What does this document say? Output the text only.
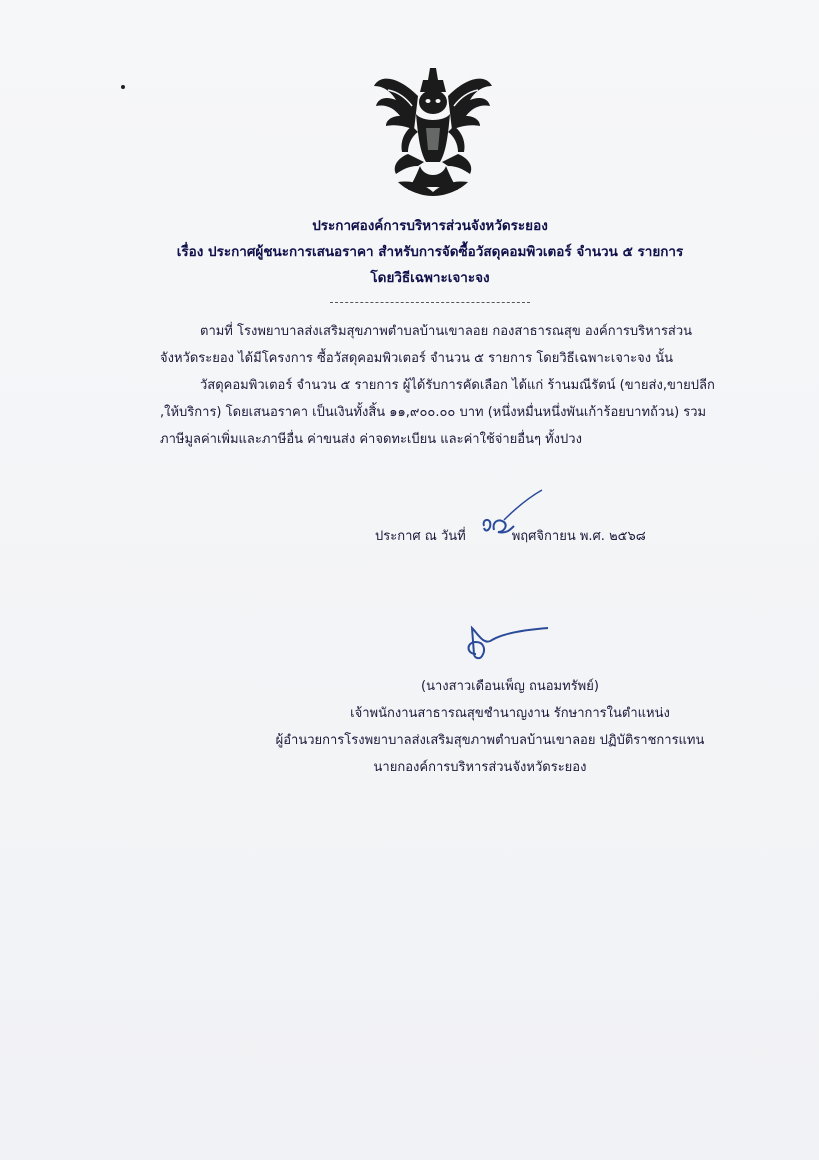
ประกาศองค์การบริหารส่วนจังหวัดระยอง
เรื่อง ประกาศผู้ชนะการเสนอราคา สำหรับการจัดซื้อวัสดุคอมพิวเตอร์ จำนวน ๕ รายการ
โดยวิธีเฉพาะเจาะจง
ตามที่ โรงพยาบาลส่งเสริมสุขภาพตำบลบ้านเขาลอย กองสาธารณสุข องค์การบริหารส่วน
จังหวัดระยอง ได้มีโครงการ ซื้อวัสดุคอมพิวเตอร์ จำนวน ๕ รายการ โดยวิธีเฉพาะเจาะจง นั้น
วัสดุคอมพิวเตอร์ จำนวน ๕ รายการ ผู้ได้รับการคัดเลือก ได้แก่ ร้านมณีรัตน์ (ขายส่ง,ขายปลีก
,ให้บริการ) โดยเสนอราคา เป็นเงินทั้งสิ้น ๑๑,๙๐๐.๐๐ บาท (หนึ่งหมื่นหนึ่งพันเก้าร้อยบาทถ้วน) รวม
ภาษีมูลค่าเพิ่มและภาษีอื่น ค่าขนส่ง ค่าจดทะเบียน และค่าใช้จ่ายอื่นๆ ทั้งปวง
ประกาศ ณ วันที่	พฤศจิกายน พ.ศ. ๒๕๖๘
(นางสาวเดือนเพ็ญ ถนอมทรัพย์)
เจ้าพนักงานสาธารณสุขชำนาญงาน รักษาการในตำแหน่ง
ผู้อำนวยการโรงพยาบาลส่งเสริมสุขภาพตำบลบ้านเขาลอย ปฏิบัติราชการแทน
นายกองค์การบริหารส่วนจังหวัดระยอง
